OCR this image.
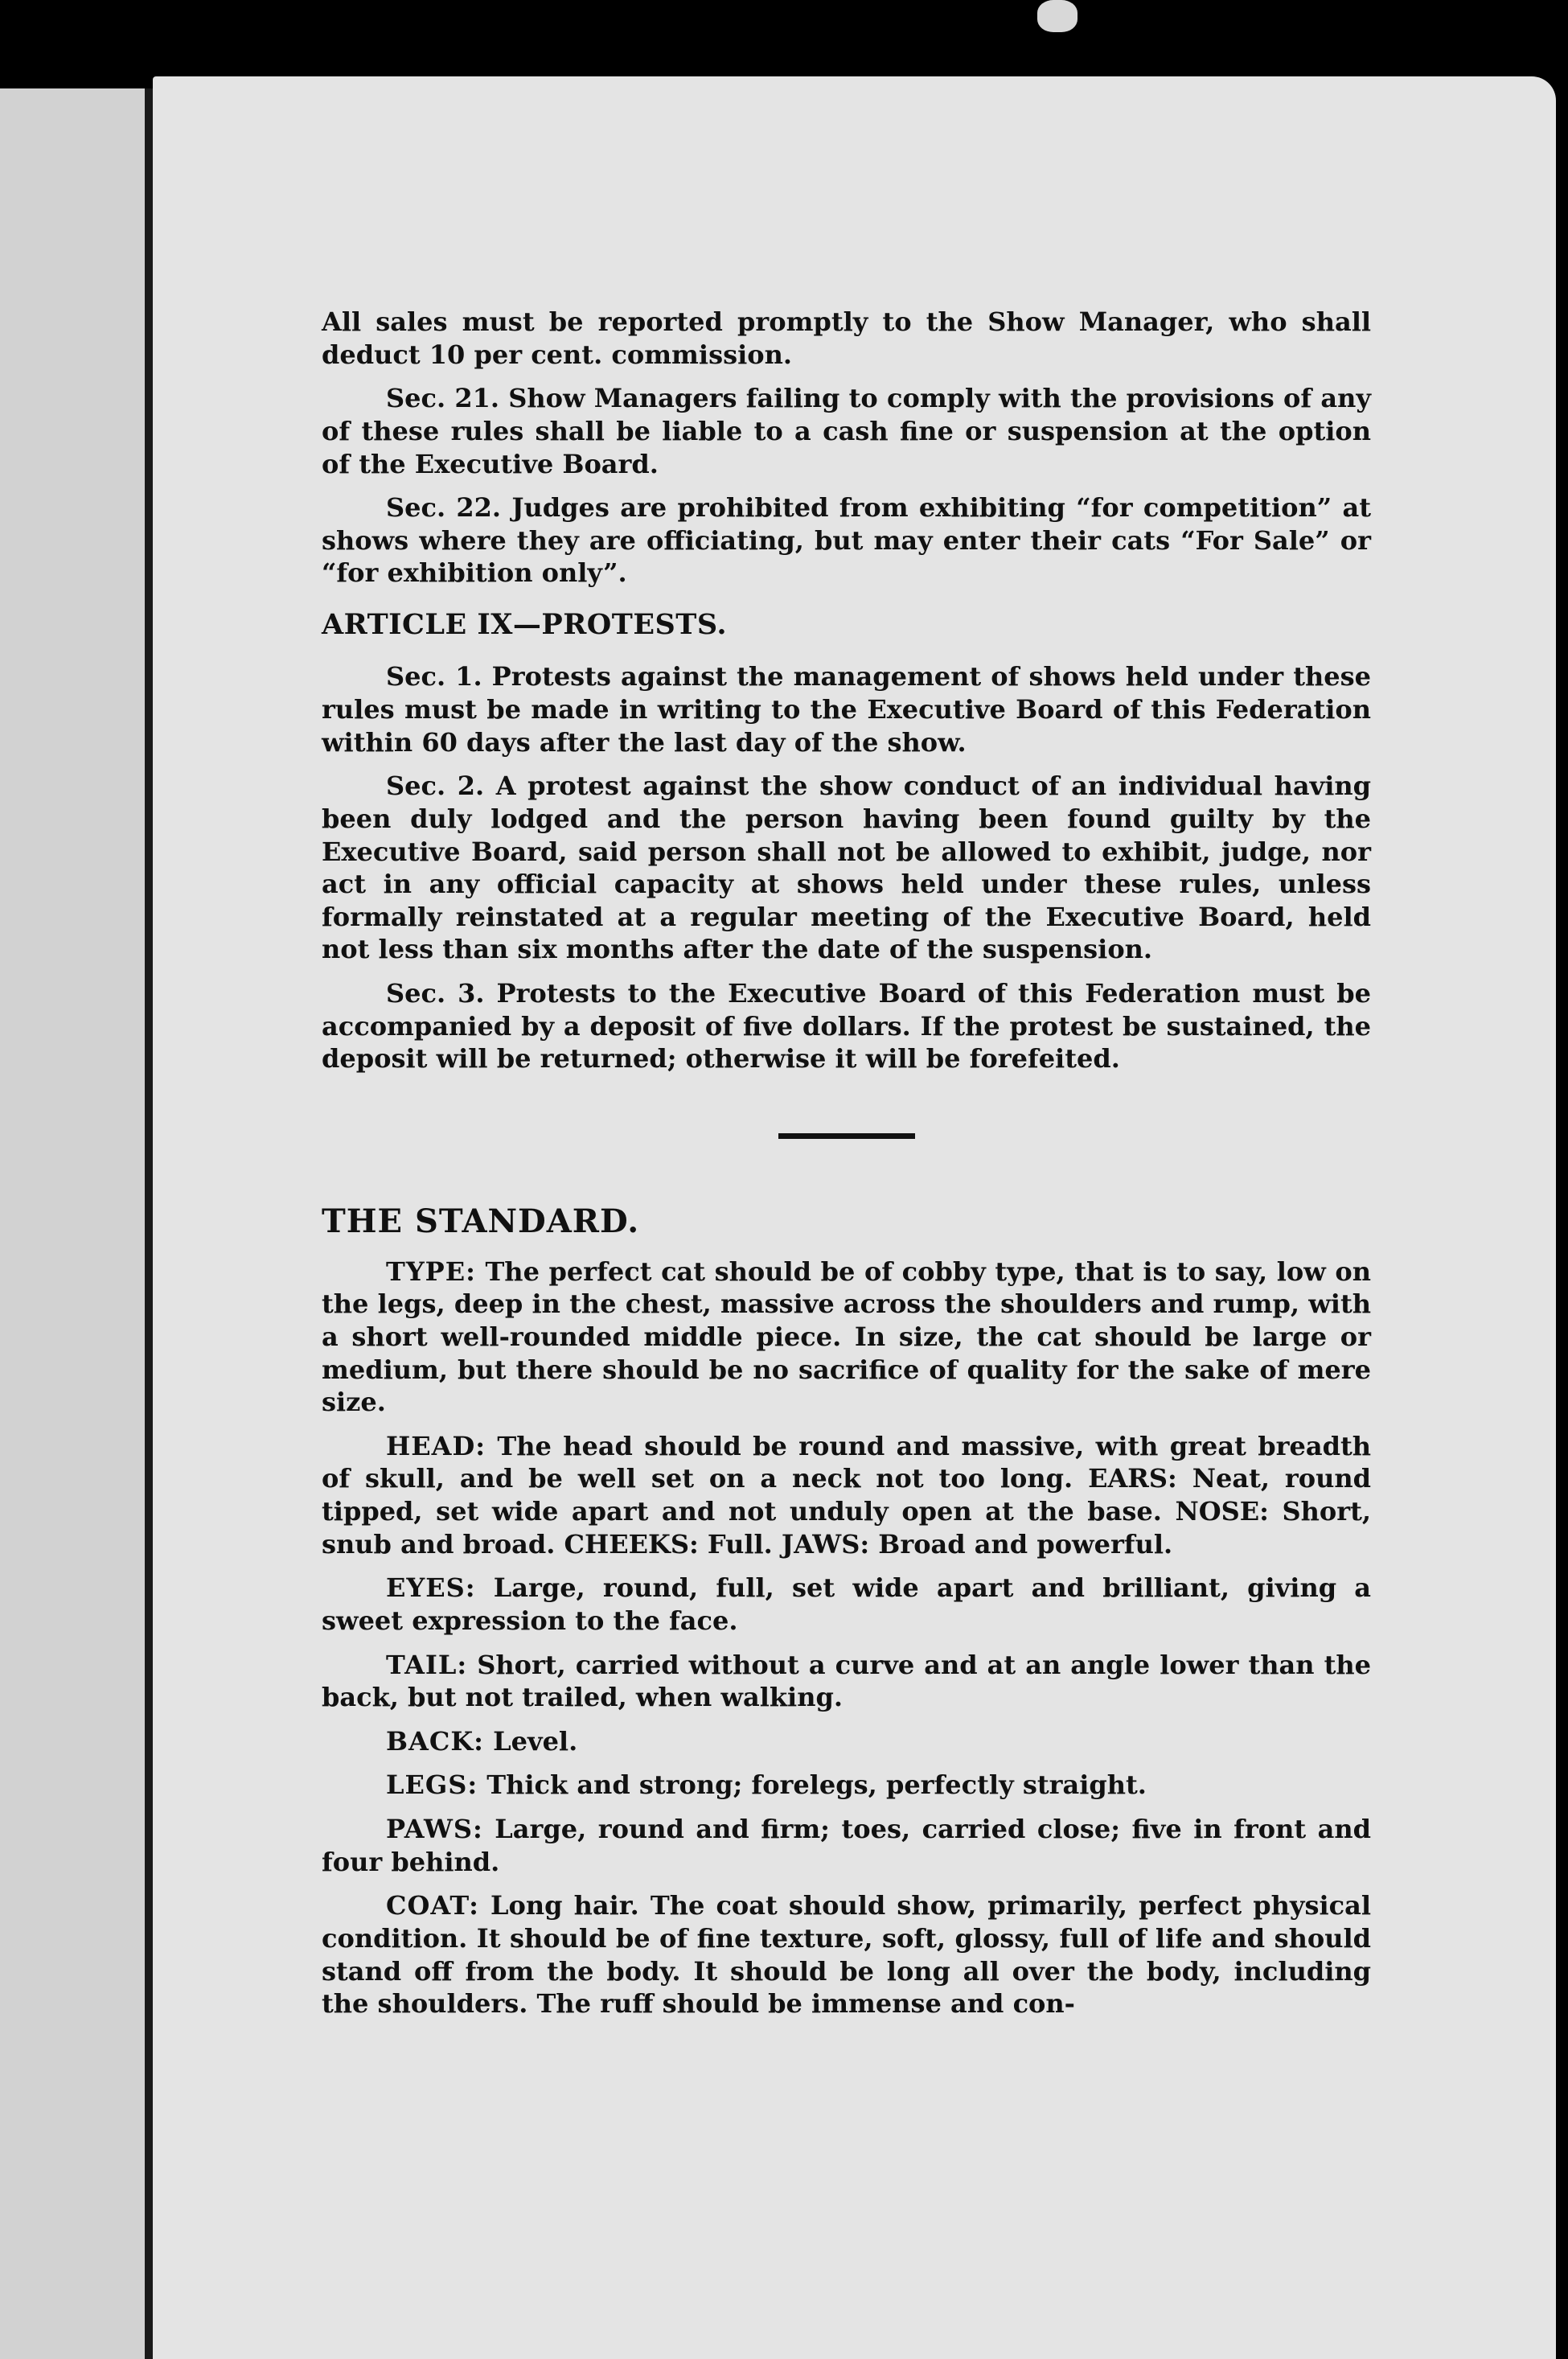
All sales must be reported promptly to the Show Manager, who shall deduct 10 per cent. commission.

Sec. 21. Show Managers failing to comply with the provisions of any of these rules shall be liable to a cash fine or suspension at the option of the Executive Board.

Sec. 22. Judges are prohibited from exhibiting “for competition” at shows where they are officiating, but may enter their cats “For Sale” or “for exhibition only”.

ARTICLE IX—PROTESTS.

Sec. 1. Protests against the management of shows held under these rules must be made in writing to the Executive Board of this Federation within 60 days after the last day of the show.

Sec. 2. A protest against the show conduct of an individual having been duly lodged and the person having been found guilty by the Executive Board, said person shall not be allowed to exhibit, judge, nor act in any official capacity at shows held under these rules, unless formally reinstated at a regular meeting of the Executive Board, held not less than six months after the date of the suspension.

Sec. 3. Protests to the Executive Board of this Federation must be accompanied by a deposit of five dollars. If the protest be sustained, the deposit will be returned; otherwise it will be forefeited.

THE STANDARD.

TYPE: The perfect cat should be of cobby type, that is to say, low on the legs, deep in the chest, massive across the shoulders and rump, with a short well-rounded middle piece. In size, the cat should be large or medium, but there should be no sacrifice of quality for the sake of mere size.

HEAD: The head should be round and massive, with great breadth of skull, and be well set on a neck not too long. EARS: Neat, round tipped, set wide apart and not unduly open at the base. NOSE: Short, snub and broad. CHEEKS: Full. JAWS: Broad and powerful.

EYES: Large, round, full, set wide apart and brilliant, giving a sweet expression to the face.

TAIL: Short, carried without a curve and at an angle lower than the back, but not trailed, when walking.

BACK: Level.

LEGS: Thick and strong; forelegs, perfectly straight.

PAWS: Large, round and firm; toes, carried close; five in front and four behind.

COAT: Long hair. The coat should show, primarily, perfect physical condition. It should be of fine texture, soft, glossy, full of life and should stand off from the body. It should be long all over the body, including the shoulders. The ruff should be immense and con-
